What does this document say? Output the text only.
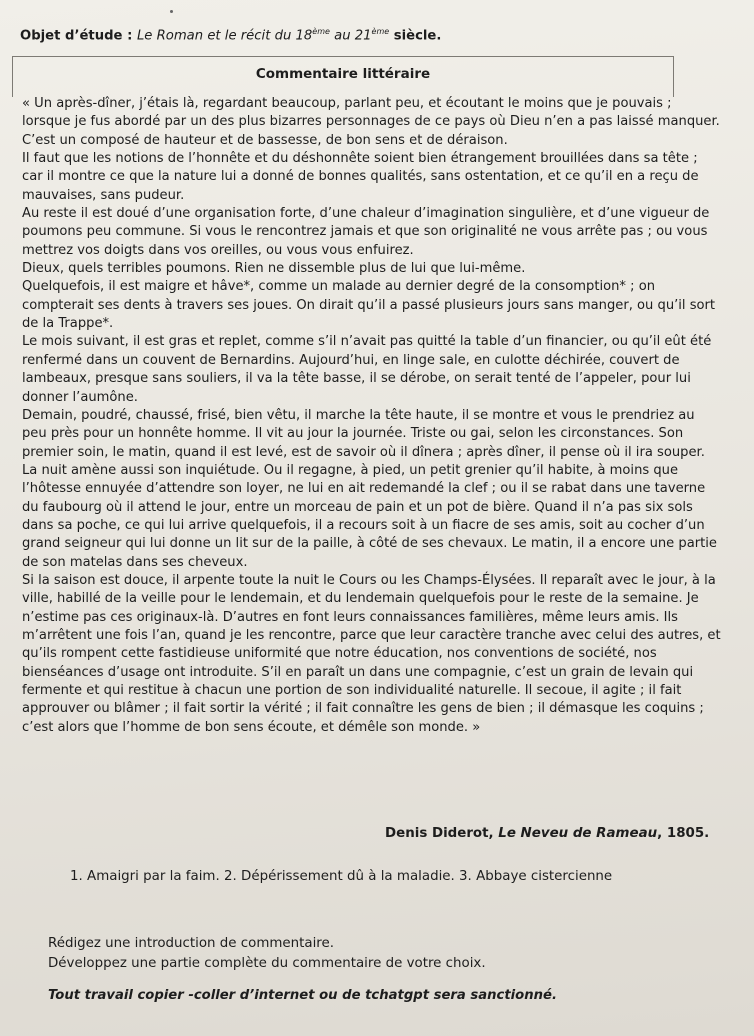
Objet d’étude : Le Roman et le récit du 18ème au 21ème siècle.
Commentaire littéraire

« Un après-dîner, j’étais là, regardant beaucoup, parlant peu, et écoutant le moins que je pouvais ; lorsque je fus abordé par un des plus bizarres personnages de ce pays où Dieu n’en a pas laissé manquer.

C’est un composé de hauteur et de bassesse, de bon sens et de déraison.

Il faut que les notions de l’honnête et du déshonnête soient bien étrangement brouillées dans sa tête ; car il montre ce que la nature lui a donné de bonnes qualités, sans ostentation, et ce qu’il en a reçu de mauvaises, sans pudeur.

Au reste il est doué d’une organisation forte, d’une chaleur d’imagination singulière, et d’une vigueur de poumons peu commune. Si vous le rencontrez jamais et que son originalité ne vous arrête pas ; ou vous mettrez vos doigts dans vos oreilles, ou vous vous enfuirez.

Dieux, quels terribles poumons. Rien ne dissemble plus de lui que lui-même.

Quelquefois, il est maigre et hâve*, comme un malade au dernier degré de la consomption* ; on compterait ses dents à travers ses joues. On dirait qu’il a passé plusieurs jours sans manger, ou qu’il sort de la Trappe*.

Le mois suivant, il est gras et replet, comme s’il n’avait pas quitté la table d’un financier, ou qu’il eût été renfermé dans un couvent de Bernardins. Aujourd’hui, en linge sale, en culotte déchirée, couvert de lambeaux, presque sans souliers, il va la tête basse, il se dérobe, on serait tenté de l’appeler, pour lui donner l’aumône.

Demain, poudré, chaussé, frisé, bien vêtu, il marche la tête haute, il se montre et vous le prendriez au peu près pour un honnête homme. Il vit au jour la journée. Triste ou gai, selon les circonstances. Son premier soin, le matin, quand il est levé, est de savoir où il dînera ; après dîner, il pense où il ira souper. La nuit amène aussi son inquiétude. Ou il regagne, à pied, un petit grenier qu’il habite, à moins que l’hôtesse ennuyée d’attendre son loyer, ne lui en ait redemandé la clef ; ou il se rabat dans une taverne du faubourg où il attend le jour, entre un morceau de pain et un pot de bière. Quand il n’a pas six sols dans sa poche, ce qui lui arrive quelquefois, il a recours soit à un fiacre de ses amis, soit au cocher d’un grand seigneur qui lui donne un lit sur de la paille, à côté de ses chevaux. Le matin, il a encore une partie de son matelas dans ses cheveux.

Si la saison est douce, il arpente toute la nuit le Cours ou les Champs-Élysées. Il reparaît avec le jour, à la ville, habillé de la veille pour le lendemain, et du lendemain quelquefois pour le reste de la semaine. Je n’estime pas ces originaux-là. D’autres en font leurs connaissances familières, même leurs amis. Ils m’arrêtent une fois l’an, quand je les rencontre, parce que leur caractère tranche avec celui des autres, et qu’ils rompent cette fastidieuse uniformité que notre éducation, nos conventions de société, nos bienséances d’usage ont introduite. S’il en paraît un dans une compagnie, c’est un grain de levain qui fermente et qui restitue à chacun une portion de son individualité naturelle. Il secoue, il agite ; il fait approuver ou blâmer ; il fait sortir la vérité ; il fait connaître les gens de bien ; il démasque les coquins ; c’est alors que l’homme de bon sens écoute, et démêle son monde. »

Denis Diderot, Le Neveu de Rameau, 1805.
1. Amaigri par la faim. 2. Dépérissement dû à la maladie. 3. Abbaye cistercienne

Rédigez une introduction de commentaire.

Développez une partie complète du commentaire de votre choix.

Tout travail copier -coller d’internet ou de tchatgpt sera sanctionné.
